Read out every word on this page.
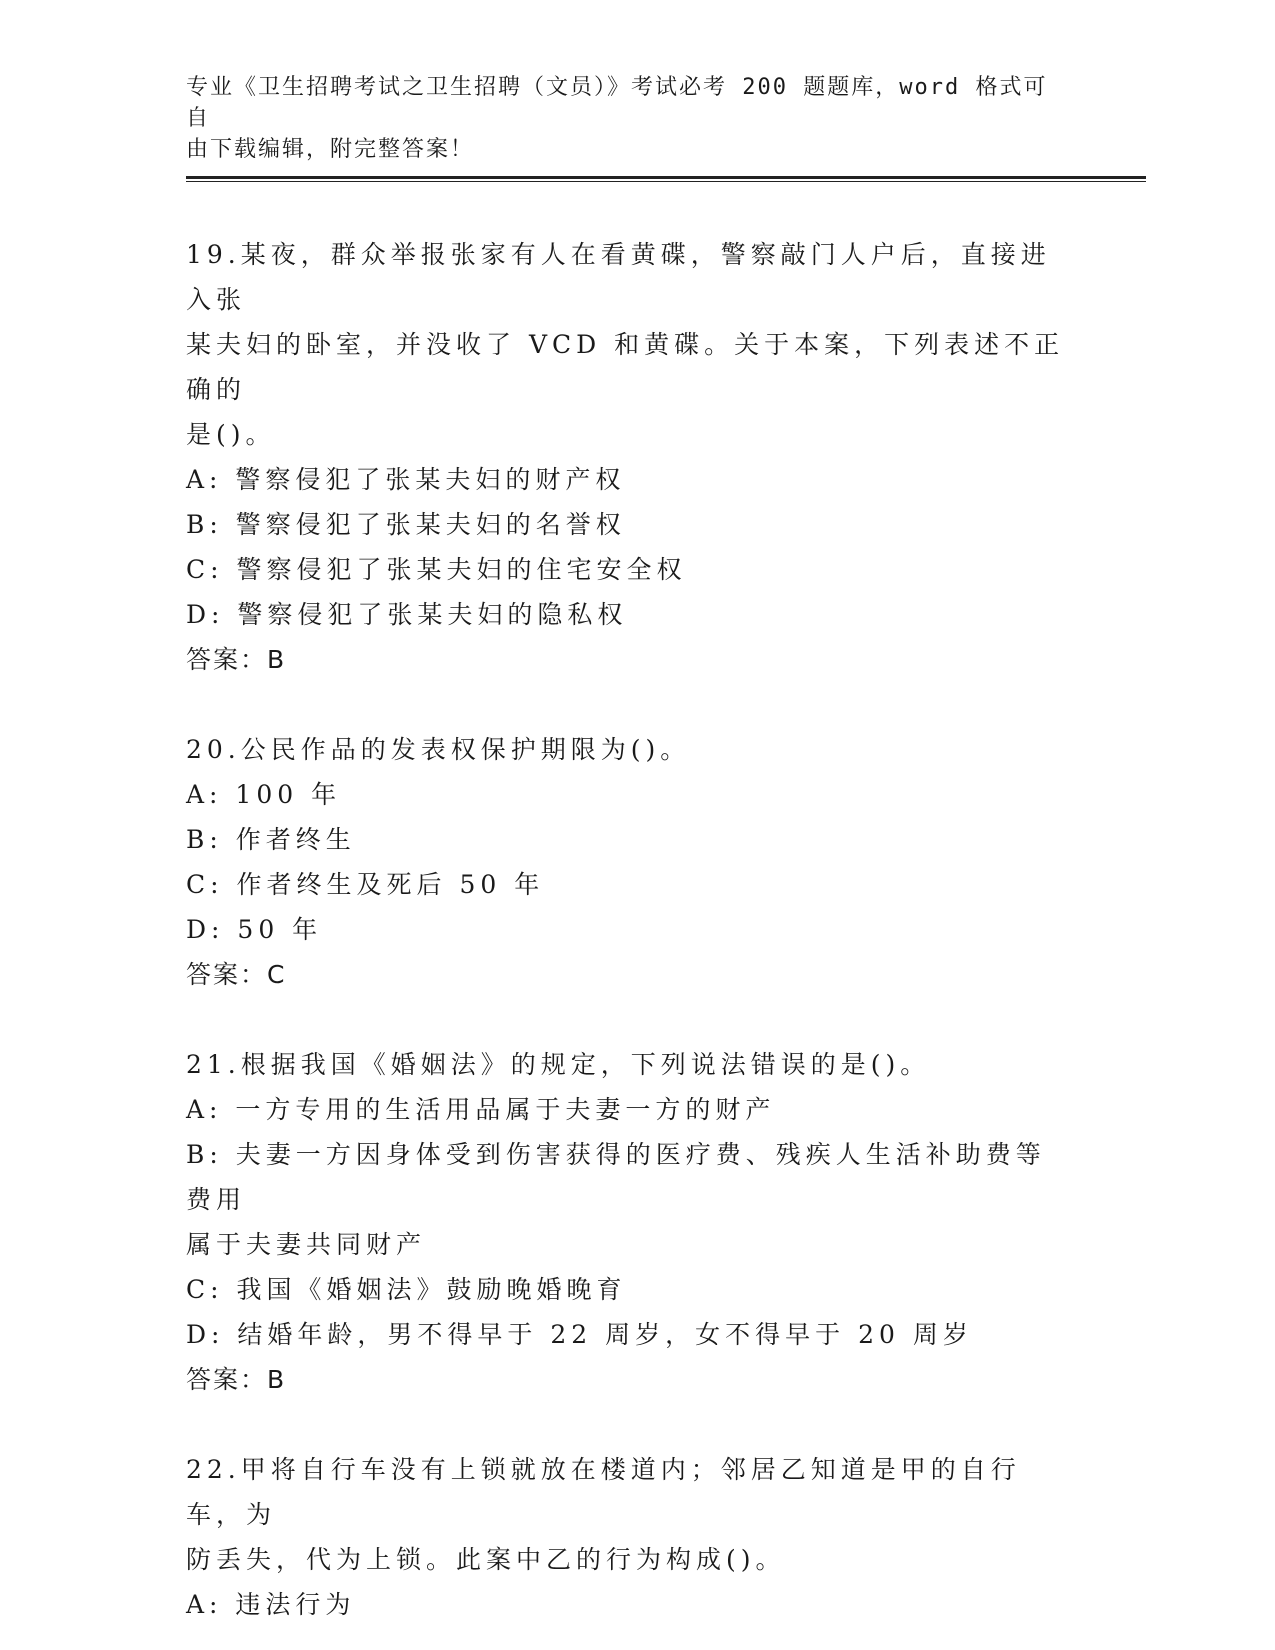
专业《卫生招聘考试之卫生招聘（文员）》考试必考 200 题题库，word 格式可自
由下载编辑，附完整答案！
19.某夜，群众举报张家有人在看黄碟，警察敲门人户后，直接进入张
某夫妇的卧室，并没收了 VCD 和黄碟。关于本案，下列表述不正确的
是()。
A: 警察侵犯了张某夫妇的财产权
B: 警察侵犯了张某夫妇的名誉权
C: 警察侵犯了张某夫妇的住宅安全权
D: 警察侵犯了张某夫妇的隐私权
答案：B
20.公民作品的发表权保护期限为()。
A: 100 年
B: 作者终生
C: 作者终生及死后 50 年
D: 50 年
答案：C
21.根据我国《婚姻法》的规定，下列说法错误的是()。
A: 一方专用的生活用品属于夫妻一方的财产
B: 夫妻一方因身体受到伤害获得的医疗费、残疾人生活补助费等费用
属于夫妻共同财产
C: 我国《婚姻法》鼓励晚婚晚育
D: 结婚年龄，男不得早于 22 周岁，女不得早于 20 周岁
答案：B
22.甲将自行车没有上锁就放在楼道内；邻居乙知道是甲的自行车，为
防丢失，代为上锁。此案中乙的行为构成()。
A: 违法行为
